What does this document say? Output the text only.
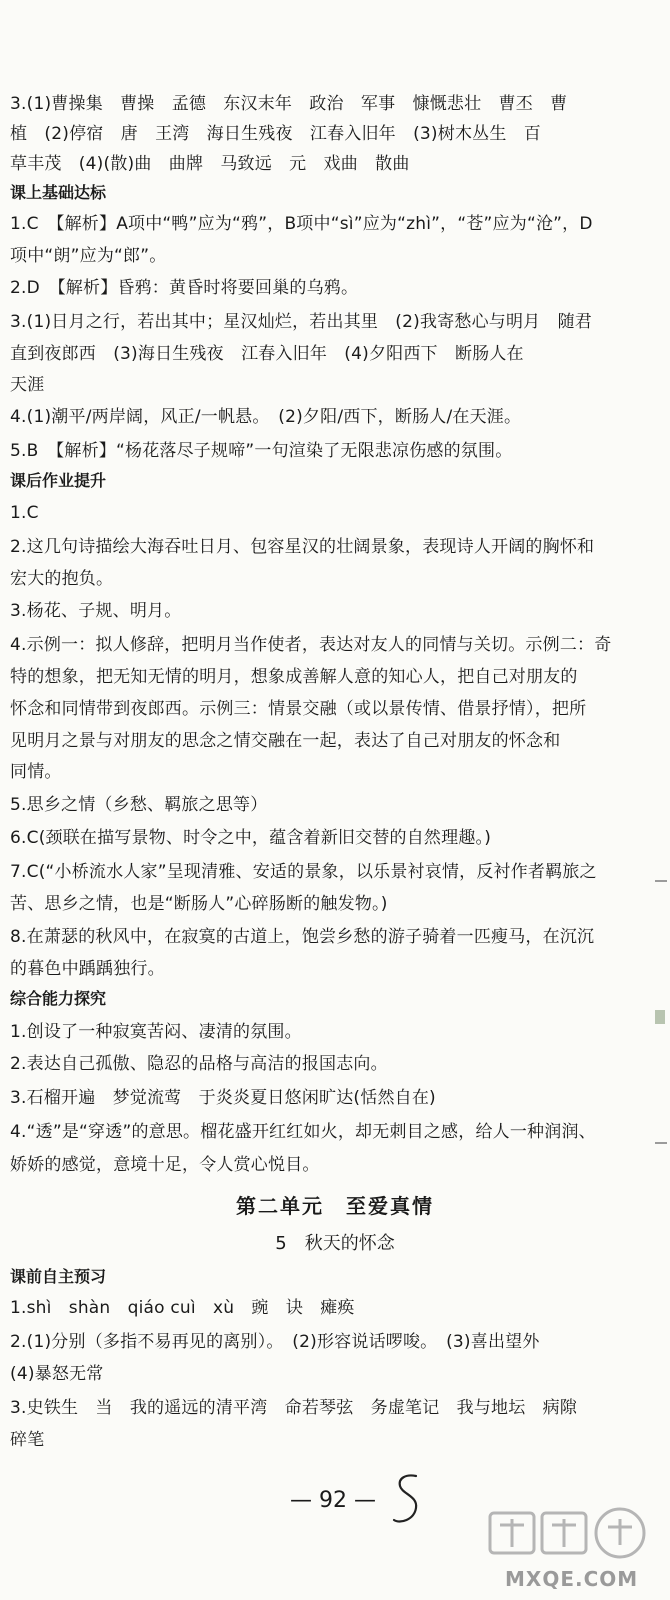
3.(1)曹操集　曹操　孟德　东汉末年　政治　军事　慷慨悲壮　曹丕　曹
植　(2)停宿　唐　王湾　海日生残夜　江春入旧年　(3)树木丛生　百
草丰茂　(4)(散)曲　曲牌　马致远　元　戏曲　散曲
课上基础达标
1.C　【解析】A项中“鸭”应为“鸦”，B项中“sì”应为“zhì”，“苍”应为“沧”，D
项中“朗”应为“郎”。
2.D　【解析】昏鸦：黄昏时将要回巢的乌鸦。
3.(1)日月之行，若出其中；星汉灿烂，若出其里　(2)我寄愁心与明月　随君
直到夜郎西　(3)海日生残夜　江春入旧年　(4)夕阳西下　断肠人在
天涯
4.(1)潮平/两岸阔，风正/一帆悬。　(2)夕阳/西下，断肠人/在天涯。
5.B　【解析】“杨花落尽子规啼”一句渲染了无限悲凉伤感的氛围。
课后作业提升
1.C
2.这几句诗描绘大海吞吐日月、包容星汉的壮阔景象，表现诗人开阔的胸怀和
宏大的抱负。
3.杨花、子规、明月。
4.示例一：拟人修辞，把明月当作使者，表达对友人的同情与关切。示例二：奇
特的想象，把无知无情的明月，想象成善解人意的知心人，把自己对朋友的
怀念和同情带到夜郎西。示例三：情景交融（或以景传情、借景抒情），把所
见明月之景与对朋友的思念之情交融在一起，表达了自己对朋友的怀念和
同情。
5.思乡之情（乡愁、羁旅之思等）
6.C(颈联在描写景物、时令之中，蕴含着新旧交替的自然理趣。)
7.C(“小桥流水人家”呈现清雅、安适的景象，以乐景衬哀情，反衬作者羁旅之
苦、思乡之情，也是“断肠人”心碎肠断的触发物。)
8.在萧瑟的秋风中，在寂寞的古道上，饱尝乡愁的游子骑着一匹瘦马，在沉沉
的暮色中踽踽独行。
综合能力探究
1.创设了一种寂寞苦闷、凄清的氛围。
2.表达自己孤傲、隐忍的品格与高洁的报国志向。
3.石榴开遍　梦觉流莺　于炎炎夏日悠闲旷达(恬然自在)
4.“透”是“穿透”的意思。榴花盛开红红如火，却无刺目之感，给人一种润润、
娇娇的感觉，意境十足，令人赏心悦目。
第二单元　至爱真情
5　秋天的怀念
课前自主预习
1.shì　shàn　qiáo cuì　xù　豌　诀　瘫痪
2.(1)分别（多指不易再见的离别）。　(2)形容说话啰唆。　(3)喜出望外
(4)暴怒无常
3.史铁生　当　我的遥远的清平湾　命若琴弦　务虚笔记　我与地坛　病隙
碎笔
— 92 —
MXQE.COM
